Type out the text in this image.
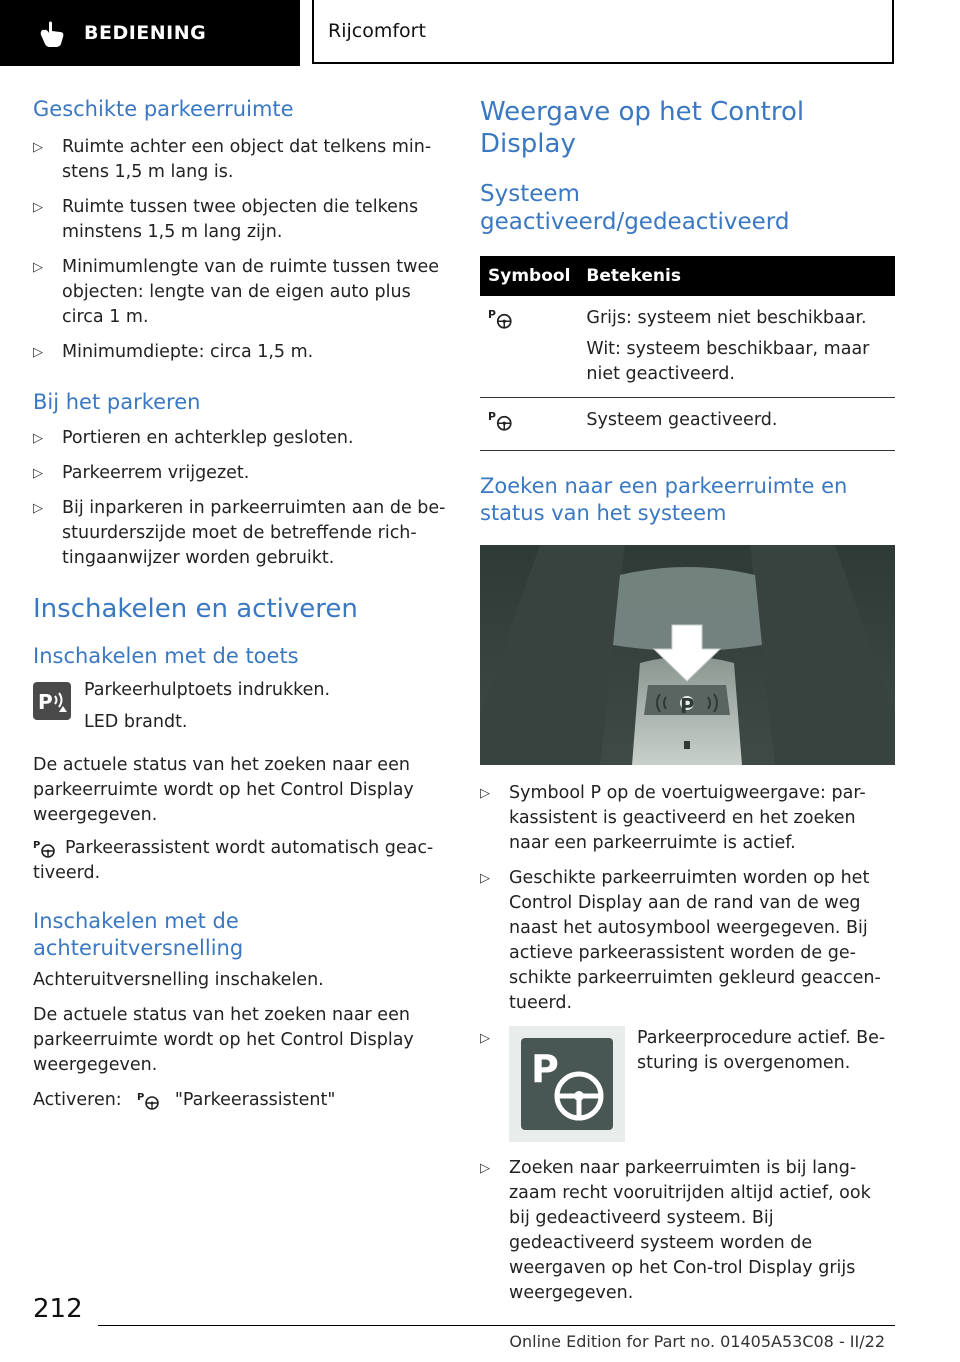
BEDIENING	Rijcomfort
Geschikte parkeerruimte
▷ Ruimte achter een object dat telkens min-stens 1,5 m lang is.
▷ Ruimte tussen twee objecten die telkens minstens 1,5 m lang zijn.
▷ Minimumlengte van de ruimte tussen twee objecten: lengte van de eigen auto plus circa 1 m.
▷ Minimumdiepte: circa 1,5 m.
Bij het parkeren
▷ Portieren en achterklep gesloten.
▷ Parkeerrem vrijgezet.
▷ Bij inparkeren in parkeerruimten aan de be-stuurderszijde moet de betreffende rich-tingaanwijzer worden gebruikt.
Inschakelen en activeren
Inschakelen met de toets
P Parkeerhulptoets indrukken.

LED brandt.

De actuele status van het zoeken naar een parkeerruimte wordt op het Control Display weergegeven.

P Parkeerassistent wordt automatisch geac-tiveerd.

Inschakelen met de achteruitversnelling

Achteruitversnelling inschakelen.

De actuele status van het zoeken naar een parkeerruimte wordt op het Control Display weergegeven.

Activeren: P "Parkeerassistent"

Weergave op het Control Display
Systeem geactiveerd/gedeactiveerd
Symbool	Betekenis

P	Grijs: systeem niet beschikbaar.

Wit: systeem beschikbaar, maar niet geactiveerd.

P	Systeem geactiveerd.
Zoeken naar een parkeerruimte en status van het systeem
P
▷ Symbool P op de voertuigweergave: par-kassistent is geactiveerd en het zoeken naar een parkeerruimte is actief.
▷ Geschikte parkeerruimten worden op het Control Display aan de rand van de weg naast het autosymbool weergegeven. Bij actieve parkeerassistent worden de ge-schikte parkeerruimten gekleurd geaccen-tueerd.
▷ P
Parkeerprocedure actief. Be-sturing is overgenomen.
▷ Zoeken naar parkeerruimten is bij lang-zaam recht vooruitrijden altijd actief, ook bij gedeactiveerd systeem. Bij gedeactiveerd systeem worden de weergaven op het Con-trol Display grijs weergegeven.
212
Online Edition for Part no. 01405A53C08 - II/22
